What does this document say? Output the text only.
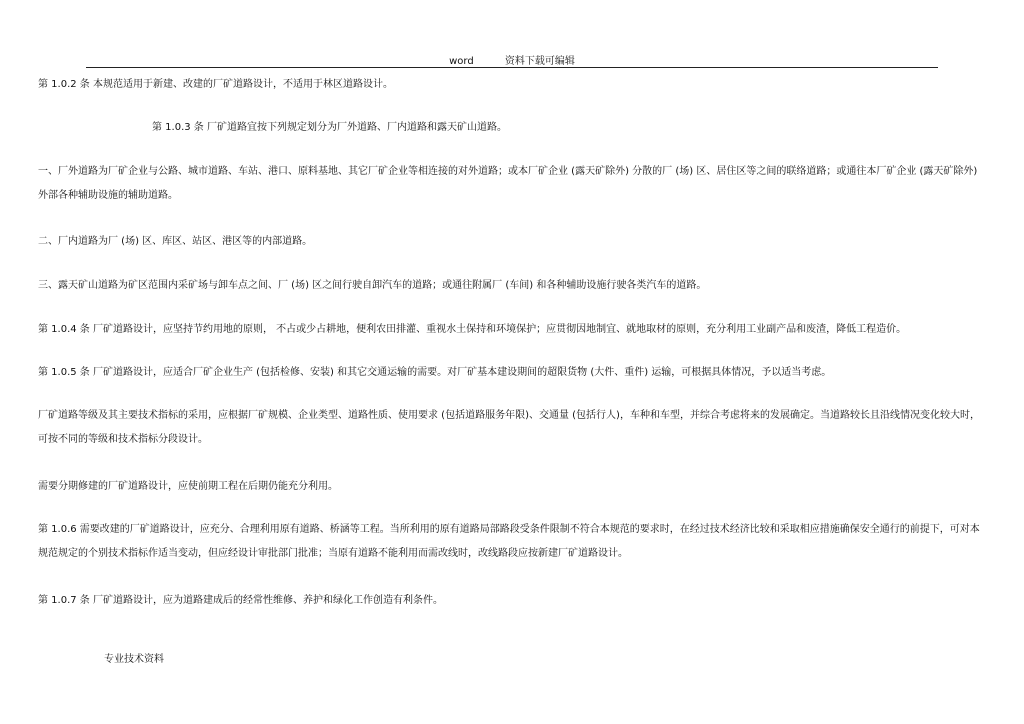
word	资料下载可编辑
第 1.0.2 条 本规范适用于新建、改建的厂矿道路设计，不适用于林区道路设计。
第 1.0.3 条 厂矿道路宜按下列规定划分为厂外道路、厂内道路和露天矿山道路。
一、厂外道路为厂矿企业与公路、城市道路、车站、港口、原料基地、其它厂矿企业等相连接的对外道路；或本厂矿企业 (露天矿除外) 分散的厂 (场) 区、居住区等之间的联络道路；或通往本厂矿企业 (露天矿除外) 外部各种辅助设施的辅助道路。
二、厂内道路为厂 (场) 区、库区、站区、港区等的内部道路。
三、露天矿山道路为矿区范围内采矿场与卸车点之间、厂 (场) 区之间行驶自卸汽车的道路；或通往附属厂 (车间) 和各种辅助设施行驶各类汽车的道路。
第 1.0.4 条 厂矿道路设计，应坚持节约用地的原则， 不占或少占耕地，便利农田排灌、重视水土保持和环境保护；应贯彻因地制宜、就地取材的原则，充分利用工业副产品和废渣，降低工程造价。
第 1.0.5 条 厂矿道路设计，应适合厂矿企业生产 (包括检修、安装) 和其它交通运输的需要。对厂矿基本建设期间的超限货物 (大件、重件) 运输，可根据具体情况，予以适当考虑。
厂矿道路等级及其主要技术指标的采用，应根据厂矿规模、企业类型、道路性质、使用要求 (包括道路服务年限)、交通量 (包括行人)，车种和车型，并综合考虑将来的发展确定。当道路较长且沿线情况变化较大时，可按不同的等级和技术指标分段设计。
需要分期修建的厂矿道路设计，应使前期工程在后期仍能充分利用。
第 1.0.6 需要改建的厂矿道路设计，应充分、合理利用原有道路、桥涵等工程。当所利用的原有道路局部路段受条件限制不符合本规范的要求时，在经过技术经济比较和采取相应措施确保安全通行的前提下，可对本规范规定的个别技术指标作适当变动，但应经设计审批部门批准；当原有道路不能利用而需改线时，改线路段应按新建厂矿道路设计。
第 1.0.7 条 厂矿道路设计，应为道路建成后的经常性维修、养护和绿化工作创造有利条件。
专业技术资料
